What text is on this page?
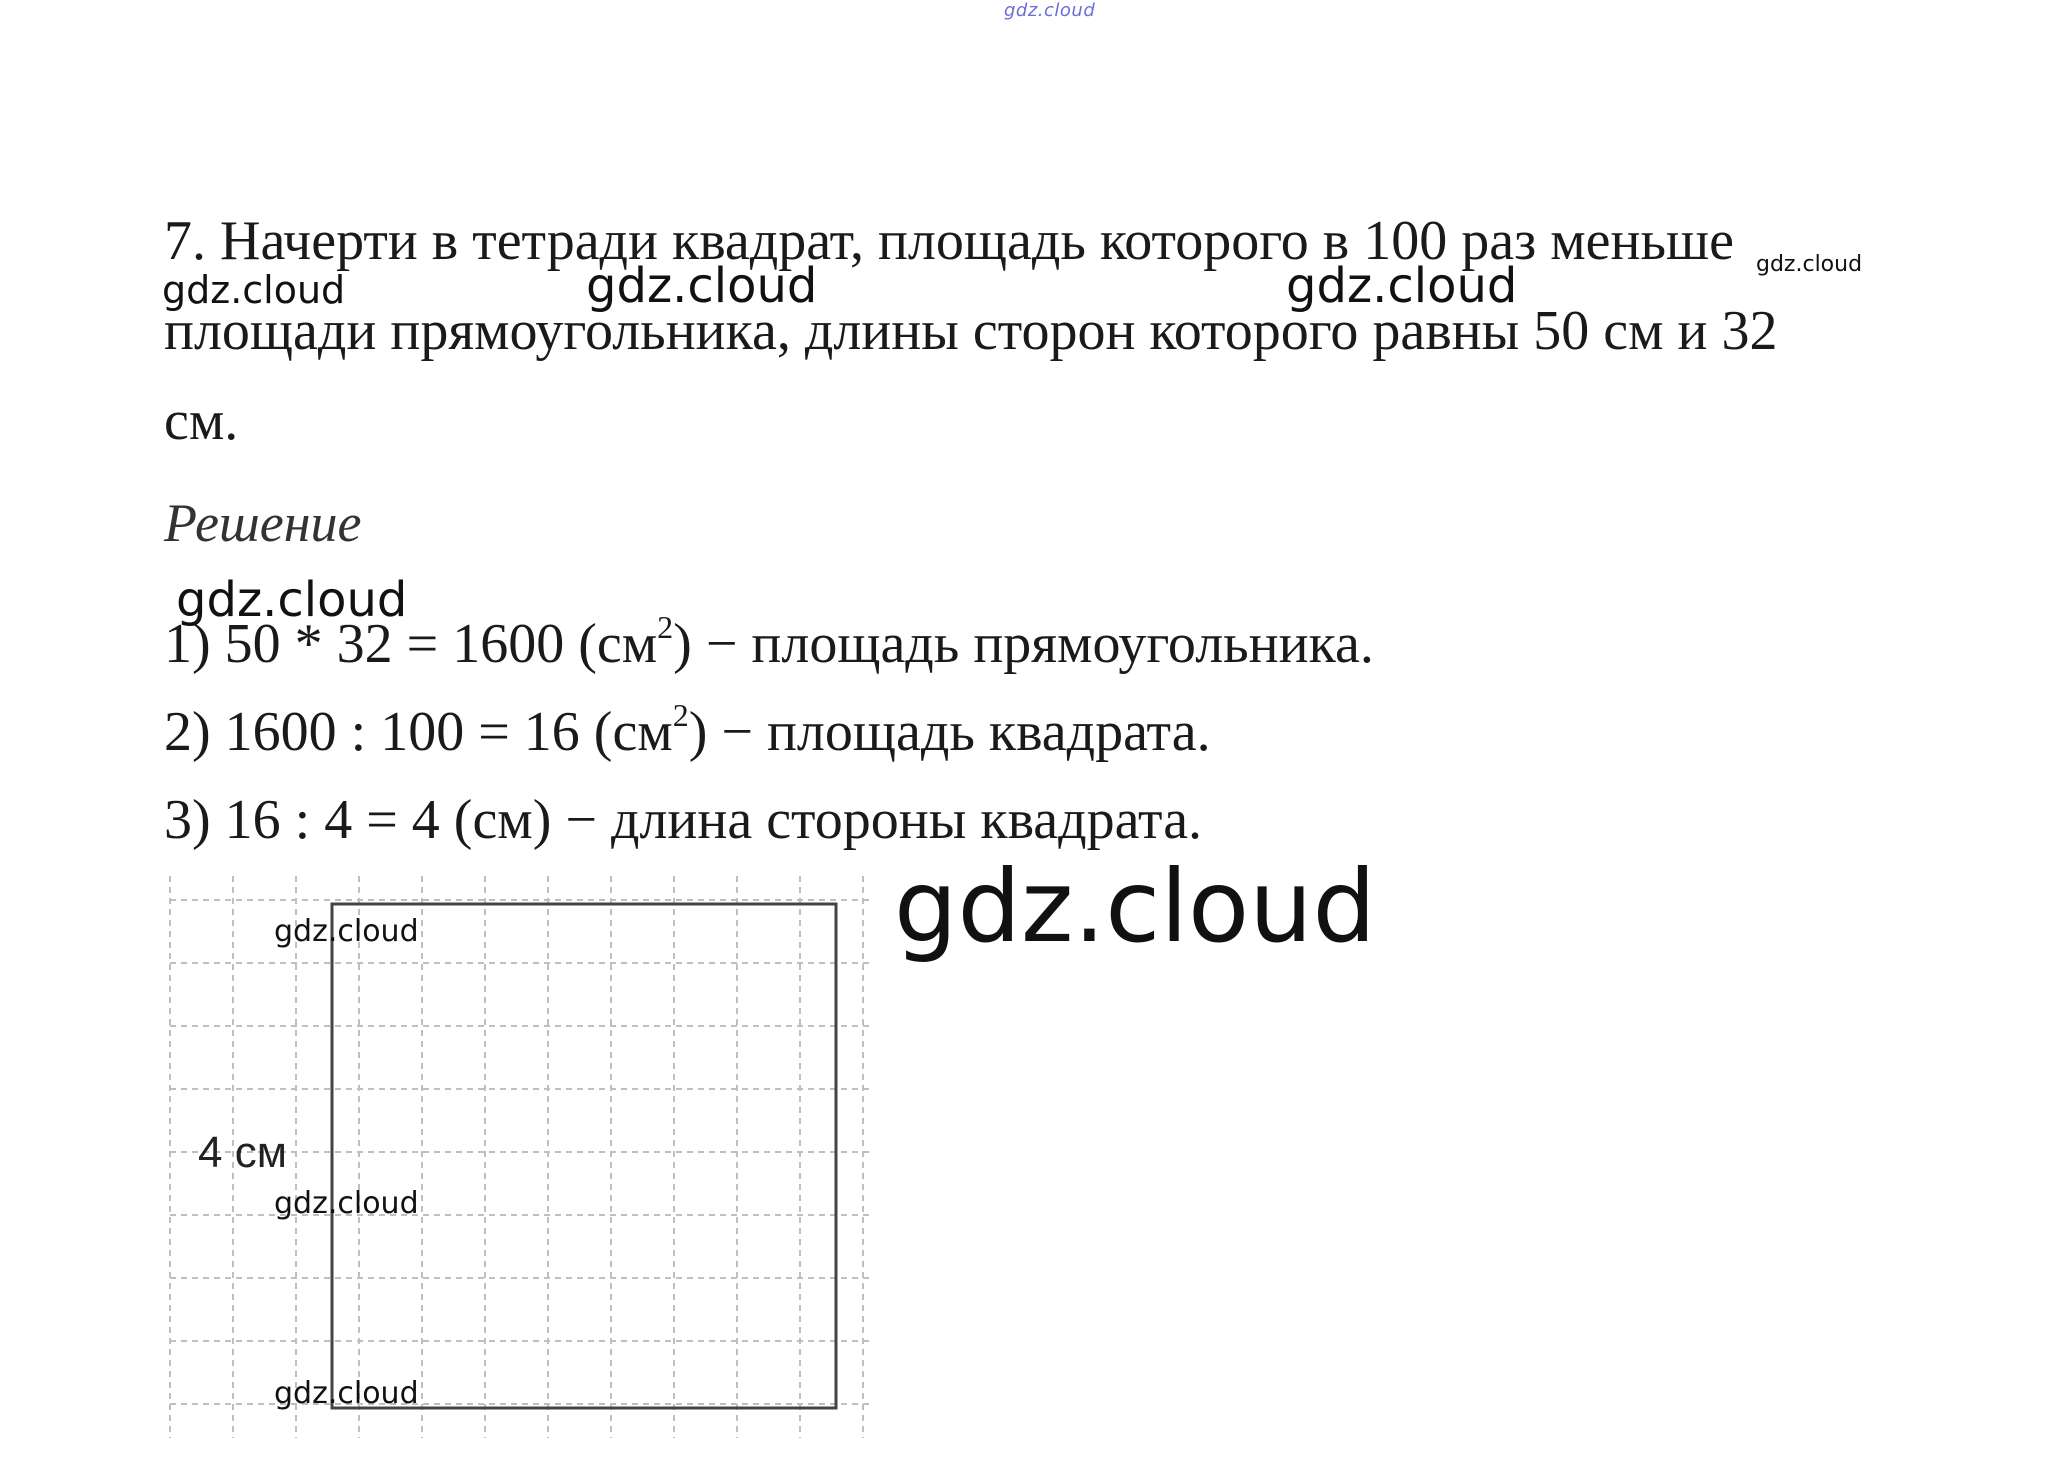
gdz.cloud
7. Начерти в тетради квадрат, площадь которого в 100 раз меньше
площади прямоугольника, длины сторон которого равны 50 см и 32
см.
Решение
1) 50 * 32 = 1600 $(см^2)$ − площадь прямоугольника.
2) 1600 : 100 = 16 $(см^2)$ − площадь квадрата.
3) 16 : 4 = 4 (см) − длина стороны квадрата.
4 см
gdz.cloud	gdz.cloud	gdz.cloud	gdz.cloud
gdz.cloud
gdz.cloud
gdz.cloud
gdz.cloud
gdz.cloud
